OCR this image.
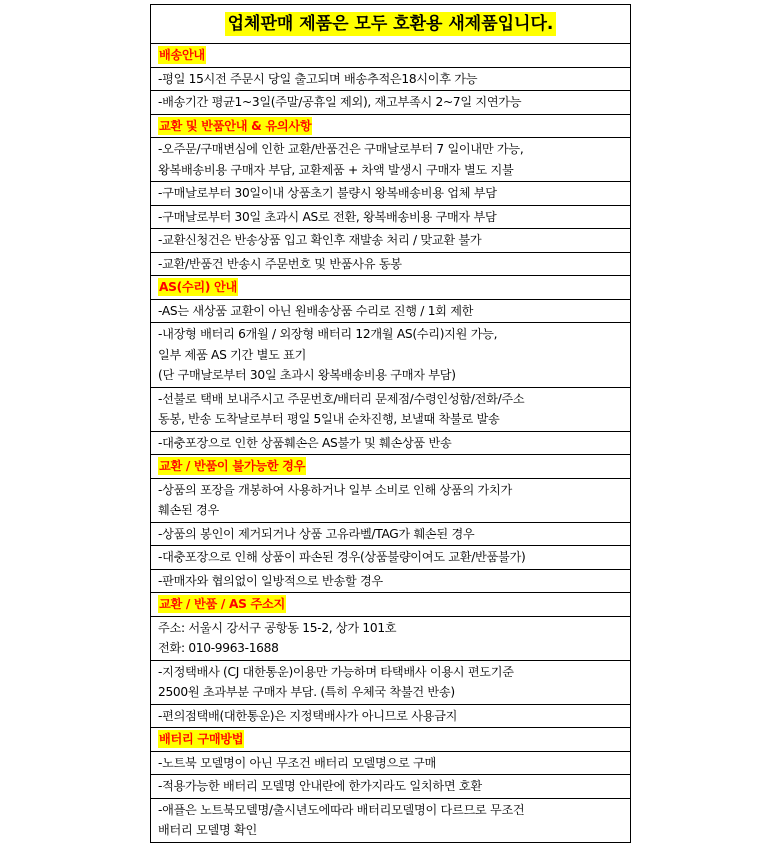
업체판매 제품은 모두 호환용 새제품입니다.
배송안내

-평일 15시전 주문시 당일 출고되며 배송추적은18시이후 가능

-배송기간 평균1~3일(주말/공휴일 제외), 재고부족시 2~7일 지연가능

교환 및 반품안내 & 유의사항

-오주문/구매변심에 인한 교환/반품건은 구매날로부터 7 일이내만 가능,
왕복배송비용 구매자 부담, 교환제품 + 차액 발생시 구매자 별도 지불

-구매날로부터 30일이내 상품초기 불량시 왕복배송비용 업체 부담

-구매날로부터 30일 초과시 AS로 전환, 왕복배송비용 구매자 부담

-교환신청건은 반송상품 입고 확인후 재발송 처리 / 맞교환 불가

-교환/반품건 반송시 주문번호 및 반품사유 동봉

AS(수리) 안내

-AS는 새상품 교환이 아닌 원배송상품 수리로 진행 / 1회 제한

-내장형 배터리 6개월 / 외장형 배터리 12개월 AS(수리)지원 가능,
일부 제품 AS 기간 별도 표기
(단 구매날로부터 30일 초과시 왕복배송비용 구매자 부담)

-선불로 택배 보내주시고 주문번호/배터리 문제점/수령인성함/전화/주소
동봉, 반송 도착날로부터 평일 5일내 순차진행, 보낼때 착불로 발송

-대충포장으로 인한 상품훼손은 AS불가 및 훼손상품 반송

교환 / 반품이 불가능한 경우

-상품의 포장을 개봉하여 사용하거나 일부 소비로 인해 상품의 가치가
훼손된 경우

-상품의 봉인이 제거되거나 상품 고유라벨/TAG가 훼손된 경우

-대충포장으로 인해 상품이 파손된 경우(상품불량이여도 교환/반품불가)

-판매자와 협의없이 일방적으로 반송할 경우

교환 / 반품 / AS 주소지

주소: 서울시 강서구 공항동 15-2, 상가 101호
전화: 010-9963-1688

-지정택배사 (CJ 대한통운)이용만 가능하며 타택배사 이용시 편도기준
2500원 초과부분 구매자 부담. (특히 우체국 착불건 반송)

-편의점택배(대한통운)은 지정택배사가 아니므로 사용금지

배터리 구매방법

-노트북 모델명이 아닌 무조건 배터리 모델명으로 구매

-적용가능한 배터리 모델명 안내란에 한가지라도 일치하면 호환

-애플은 노트북모델명/출시년도에따라 배터리모델명이 다르므로 무조건
배터리 모델명 확인
